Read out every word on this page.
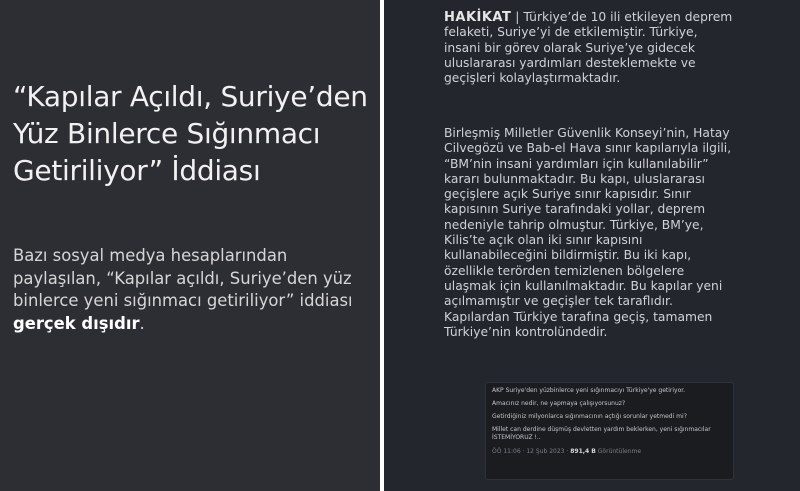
“Kapılar Açıldı, Suriye’den Yüz Binlerce Sığınmacı Getiriliyor” İddiası

Bazı sosyal medya hesaplarından paylaşılan, “Kapılar açıldı, Suriye’den yüz binlerce yeni sığınmacı getiriliyor” iddiası gerçek dışıdır.

HAKİKAT | Türkiye’de 10 ili etkileyen deprem felaketi, Suriye’yi de etkilemiştir. Türkiye, insani bir görev olarak Suriye’ye gidecek uluslararası yardımları desteklemekte ve geçişleri kolaylaştırmaktadır.

Birleşmiş Milletler Güvenlik Konseyi’nin, Hatay Cilvegözü ve Bab-el Hava sınır kapılarıyla ilgili, “BM’nin insani yardımları için kullanılabilir” kararı bulunmaktadır. Bu kapı, uluslararası geçişlere açık Suriye sınır kapısıdır. Sınır kapısının Suriye tarafındaki yollar, deprem nedeniyle tahrip olmuştur. Türkiye, BM’ye, Kilis’te açık olan iki sınır kapısını kullanabileceğini bildirmiştir. Bu iki kapı, özellikle terörden temizlenen bölgelere ulaşmak için kullanılmaktadır. Bu kapılar yeni açılmamıştır ve geçişler tek taraflıdır. Kapılardan Türkiye tarafına geçiş, tamamen Türkiye’nin kontrolündedir.

AKP Suriye'den yüzbinlerce yeni sığınmacıyı Türkiye'ye getiriyor.

Amacınız nedir, ne yapmaya çalışıyorsunuz?

Getirdiğiniz milyonlarca sığınmacının açtığı sorunlar yetmedi mi?

Millet can derdine düşmüş devletten yardım beklerken, yeni sığınmacılar İSTEMİYORUZ !..

ÖÖ 11:06 · 12 Şub 2023 · 891,4 B Görüntülenme
